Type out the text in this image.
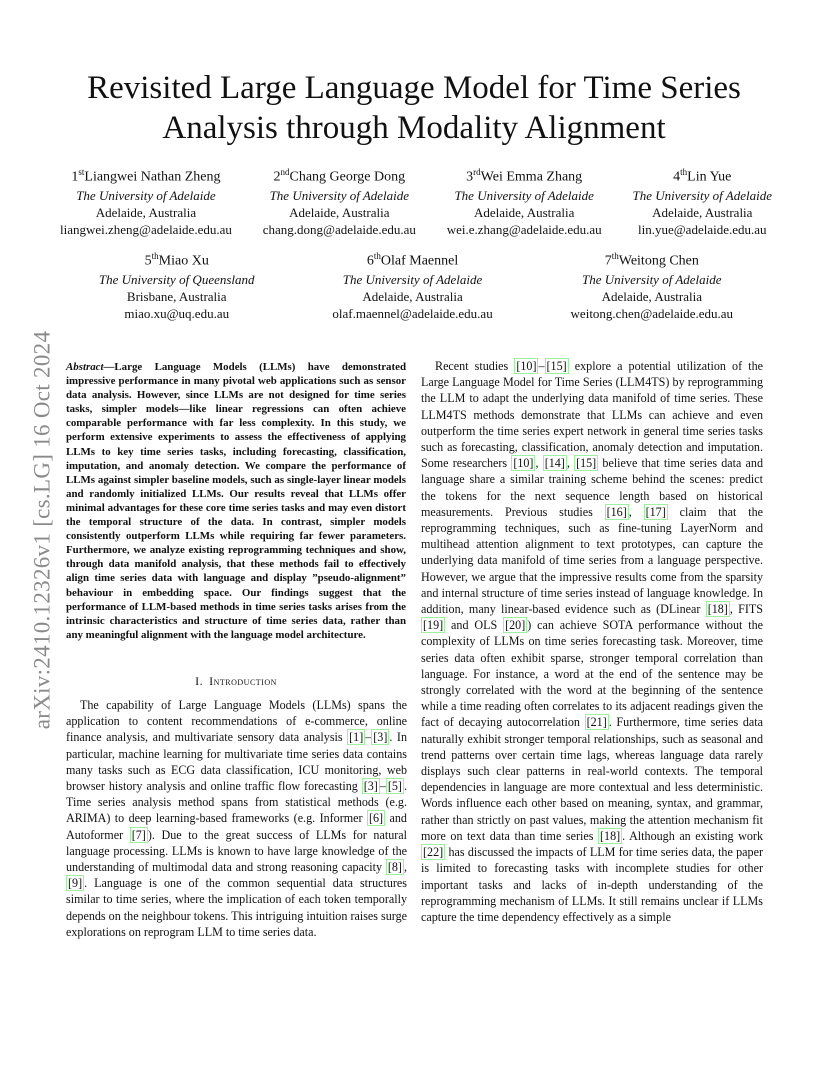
arXiv:2410.12326v1 [cs.LG] 16 Oct 2024
Revisited Large Language Model for Time Series Analysis through Modality Alignment
1stLiangwei Nathan Zheng
The University of Adelaide
Adelaide, Australia
liangwei.zheng@adelaide.edu.au
2ndChang George Dong
The University of Adelaide
Adelaide, Australia
chang.dong@adelaide.edu.au
3rdWei Emma Zhang
The University of Adelaide
Adelaide, Australia
wei.e.zhang@adelaide.edu.au
4thLin Yue
The University of Adelaide
Adelaide, Australia
lin.yue@adelaide.edu.au
5thMiao Xu
The University of Queensland
Brisbane, Australia
miao.xu@uq.edu.au
6thOlaf Maennel
The University of Adelaide
Adelaide, Australia
olaf.maennel@adelaide.edu.au
7thWeitong Chen
The University of Adelaide
Adelaide, Australia
weitong.chen@adelaide.edu.au

Abstract—Large Language Models (LLMs) have demonstrated impressive performance in many pivotal web applications such as sensor data analysis. However, since LLMs are not designed for time series tasks, simpler models—like linear regressions can often achieve comparable performance with far less complexity. In this study, we perform extensive experiments to assess the effectiveness of applying LLMs to key time series tasks, including forecasting, classification, imputation, and anomaly detection. We compare the performance of LLMs against simpler baseline models, such as single-layer linear models and randomly initialized LLMs. Our results reveal that LLMs offer minimal advantages for these core time series tasks and may even distort the temporal structure of the data. In contrast, simpler models consistently outperform LLMs while requiring far fewer parameters. Furthermore, we analyze existing reprogramming techniques and show, through data manifold analysis, that these methods fail to effectively align time series data with language and display ”pseudo-alignment” behaviour in embedding space. Our findings suggest that the performance of LLM-based methods in time series tasks arises from the intrinsic characteristics and structure of time series data, rather than any meaningful alignment with the language model architecture.

I. Introduction

The capability of Large Language Models (LLMs) spans the application to content recommendations of e-commerce, online finance analysis, and multivariate sensory data analysis [1] – [3] . In particular, machine learning for multivariate time series data contains many tasks such as ECG data classification, ICU monitoring, web browser history analysis and online traffic flow forecasting [3] – [5] . Time series analysis method spans from statistical methods (e.g. ARIMA) to deep learning-based frameworks (e.g. Informer [6] and Autoformer [7] ). Due to the great success of LLMs for natural language processing. LLMs is known to have large knowledge of the understanding of multimodal data and strong reasoning capacity [8] , [9] . Language is one of the common sequential data structures similar to time series, where the implication of each token temporally depends on the neighbour tokens. This intriguing intuition raises surge explorations on reprogram LLM to time series data.

Recent studies [10] – [15] explore a potential utilization of the Large Language Model for Time Series (LLM4TS) by reprogramming the LLM to adapt the underlying data manifold of time series. These LLM4TS methods demonstrate that LLMs can achieve and even outperform the time series expert network in general time series tasks such as forecasting, classification, anomaly detection and imputation. Some researchers [10] , [14] , [15] believe that time series data and language share a similar training scheme behind the scenes: predict the tokens for the next sequence length based on historical measurements. Previous studies [16] , [17] claim that the reprogramming techniques, such as fine-tuning LayerNorm and multihead attention alignment to text prototypes, can capture the underlying data manifold of time series from a language perspective. However, we argue that the impressive results come from the sparsity and internal structure of time series instead of language knowledge. In addition, many linear-based evidence such as (DLinear [18] , FITS [19] and OLS [20] ) can achieve SOTA performance without the complexity of LLMs on time series forecasting task. Moreover, time series data often exhibit sparse, stronger temporal correlation than language. For instance, a word at the end of the sentence may be strongly correlated with the word at the beginning of the sentence while a time reading often correlates to its adjacent readings given the fact of decaying autocorrelation [21] . Furthermore, time series data naturally exhibit stronger temporal relationships, such as seasonal and trend patterns over certain time lags, whereas language data rarely displays such clear patterns in real-world contexts. The temporal dependencies in language are more contextual and less deterministic. Words influence each other based on meaning, syntax, and grammar, rather than strictly on past values, making the attention mechanism fit more on text data than time series [18] . Although an existing work [22] has discussed the impacts of LLM for time series data, the paper is limited to forecasting tasks with incomplete studies for other important tasks and lacks of in-depth understanding of the reprogramming mechanism of LLMs. It still remains unclear if LLMs capture the time dependency effectively as a simple
